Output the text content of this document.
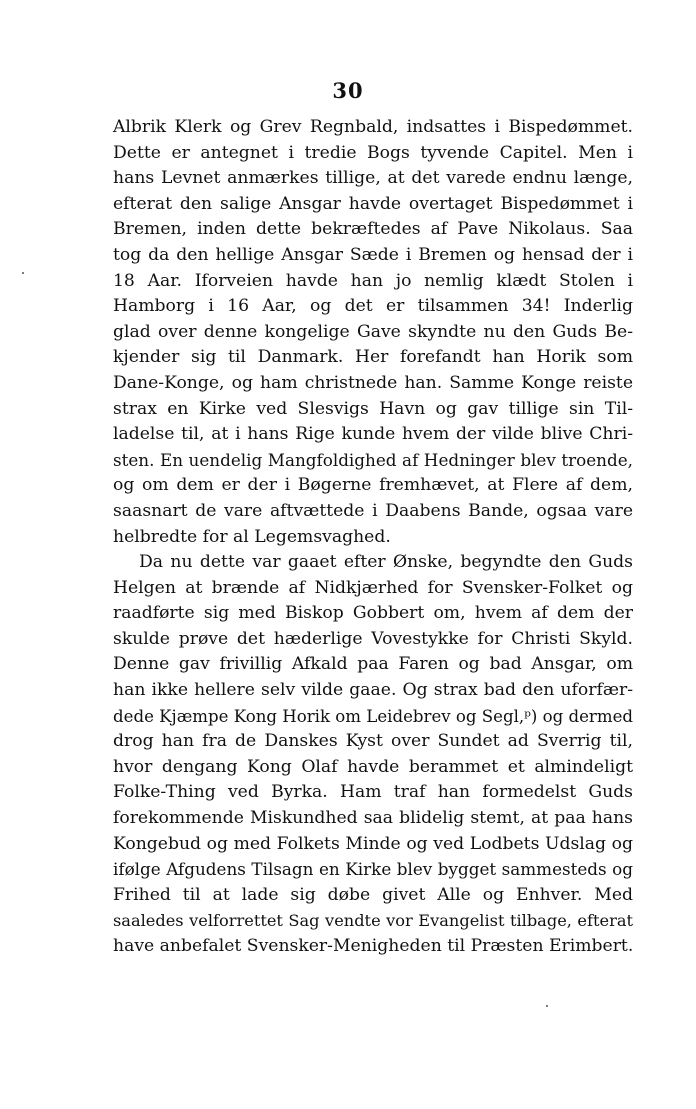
30
Albrik Klerk og Grev Regnbald, indsattes i Bispedømmet.
Dette er antegnet i tredie Bogs tyvende Capitel. Men i
hans Levnet anmærkes tillige, at det varede endnu længe,
efterat den salige Ansgar havde overtaget Bispedømmet i
Bremen, inden dette bekræftedes af Pave Nikolaus. Saa
tog da den hellige Ansgar Sæde i Bremen og hensad der i
18 Aar. Iforveien havde han jo nemlig klædt Stolen i
Hamborg i 16 Aar, og det er tilsammen 34! Inderlig
glad over denne kongelige Gave skyndte nu den Guds Be-
kjender sig til Danmark. Her forefandt han Horik som
Dane-Konge, og ham christnede han. Samme Konge reiste
strax en Kirke ved Slesvigs Havn og gav tillige sin Til-
ladelse til, at i hans Rige kunde hvem der vilde blive Chri-
sten. En uendelig Mangfoldighed af Hedninger blev troende,
og om dem er der i Bøgerne fremhævet, at Flere af dem,
saasnart de vare aftvættede i Daabens Bande, ogsaa vare
helbredte for al Legemsvaghed.
Da nu dette var gaaet efter Ønske, begyndte den Guds
Helgen at brænde af Nidkjærhed for Svensker-Folket og
raadførte sig med Biskop Gobbert om, hvem af dem der
skulde prøve det hæderlige Vovestykke for Christi Skyld.
Denne gav frivillig Afkald paa Faren og bad Ansgar, om
han ikke hellere selv vilde gaae. Og strax bad den uforfær-
dede Kjæmpe Kong Horik om Leidebrev og Segl,ᵖ) og dermed
drog han fra de Danskes Kyst over Sundet ad Sverrig til,
hvor dengang Kong Olaf havde berammet et almindeligt
Folke-Thing ved Byrka. Ham traf han formedelst Guds
forekommende Miskundhed saa blidelig stemt, at paa hans
Kongebud og med Folkets Minde og ved Lodbets Udslag og
ifølge Afgudens Tilsagn en Kirke blev bygget sammesteds og
Frihed til at lade sig døbe givet Alle og Enhver. Med
saaledes velforrettet Sag vendte vor Evangelist tilbage, efterat
have anbefalet Svensker-Menigheden til Præsten Erimbert.
